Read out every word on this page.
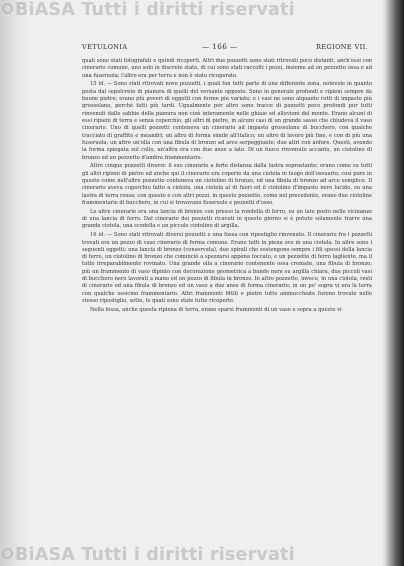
BiASA Tutti i diritti riservati
VETULONIA	— 166 —	REGIONE VII.

quali sono stati fotografati e quindi ricoperti. Altri due pozzetti sono stati ritrovati poco distanti, anch'essi con cinerario comune, uno solo in discreto stato, di cui sono stati raccolti i pezzi, insieme ad un pezzetto ossa e ad una fuseruola; l'altro era per terra e non è stato ricuperato.

15 id. — Sono stati ritrovati nove pozzetti, i quali fan tutti parte di una differente zona, notevole in quanto posta dal sepolcreto di pianura di quelli del versante opposto. Sono in generale profondi e ripieni sempre da buone pietre; erano più poveri di oggetti con forme più variate; e i vasi ne sono alquanto rotti di impasto più grossolano, perché fatti più tardi. Ugualmente per altro sono tracce di pozzetti poco profondi pur tutti rinvenuti dalle sabbie della pianura non cioè interamente nelle ghiaie ed alluvioni del monte. Erano alcuni di essi ripieni di terra e senza coperchio, gli altri di pietre, in alcuni casi di un grande sasso che chiudeva il vaso cinerario. Uno di quelli pozzetti conteneva un cinerario ad impasto grossolano di bucchero, con qualche tracciato di graffito e meandri; un altro di forma simile all'italico; un altro di lavoro più fine, e con di più una fuseruola; un altro un'olla con una fibula di bronzo ad arco serpeggiante; due altri con anfore. Questi, avendo la forma spiegata sul collo, un'altra era con due anse a lato. Di un fuoco rinvenuto accanto, un ciotolino di bronzo ed un pezzetto d'ambra frammentario.

Altre cinque pozzetti diversi: il suo cinerario a forte distanza dalla lastra soprastante; erano come su tutti gli altri ripieni di pietre ed anche qui il cinerario era coperto da una ciotola in luogo dell'ossuario; così pure in questo come nell'altro pozzetto conteneva un ciotolino di bronzo, ed una fibula di bronzo ad arco semplice. Il cinerario aveva coperchio fatto a ciotola, una ciotola al di fuori ed il ciotolino d'impasto nero lucido, su una lastra di terra rossa; con questo e con altri pezzi, in questo pozzetto, come nel precedente, erano due ciotoline frammentarie di bucchero, in cui si trovavano fuseruole e pezzetti d'osso.

Le altre cinerarie era una lancia di bronzo con presso la rondella di ferro, su un lato posto nelle vicinanze di una lancia di ferro. Dal cinerario dei pozzetti ricavati in questo giorno si è potuto solamente trarre una grande ciotola, una scodella e un piccolo ciotolino di argilla.

16 id. — Sono stati ritrovati diversi pozzetti e una fossa con ripostiglio rinvenuto. Il cinerario fra i pozzetti trovati era un pezzo di vaso cinerario di forma comune. Erano tutti in piena ove in una ciotola. In altre sono i seguenti oggetti: una lancia di bronzo (conservata), due spirali che sostengono sempre i fili spessi della lancia di ferro, un ciotolino di bronzo che cominciò a spezzarsi appena toccato, e un pezzetto di ferro tagliente, ma il tutto irreparabilmente rovinato. Una grande olla a cinerario contenente ossa cremate, una fibula di bronzo; più un frammento di vaso dipinto con decorazione geometrica a bande nere su argilla chiara, due piccoli vasi di bucchero nero lavorati a mano ed un pezzo di fibula in bronzo. In altro pozzetto, invece, in una ciotola, resti di cinerario ed una fibula di bronzo ed un vaso a due anse di forma cinerario; in un po' sopra vi era la terra con qualche ossicino frammentario. Altri frammenti fittili e pietre tutte ammucchiate furono trovate nello stesso ripostiglio, sotto, le quali sono state tutte ricoperte.

Nella fossa, anche questa ripiena di terra, erano sparsi frammenti di un vaso e sopra a questo vi

BiASA Tutti i diritti riservati
